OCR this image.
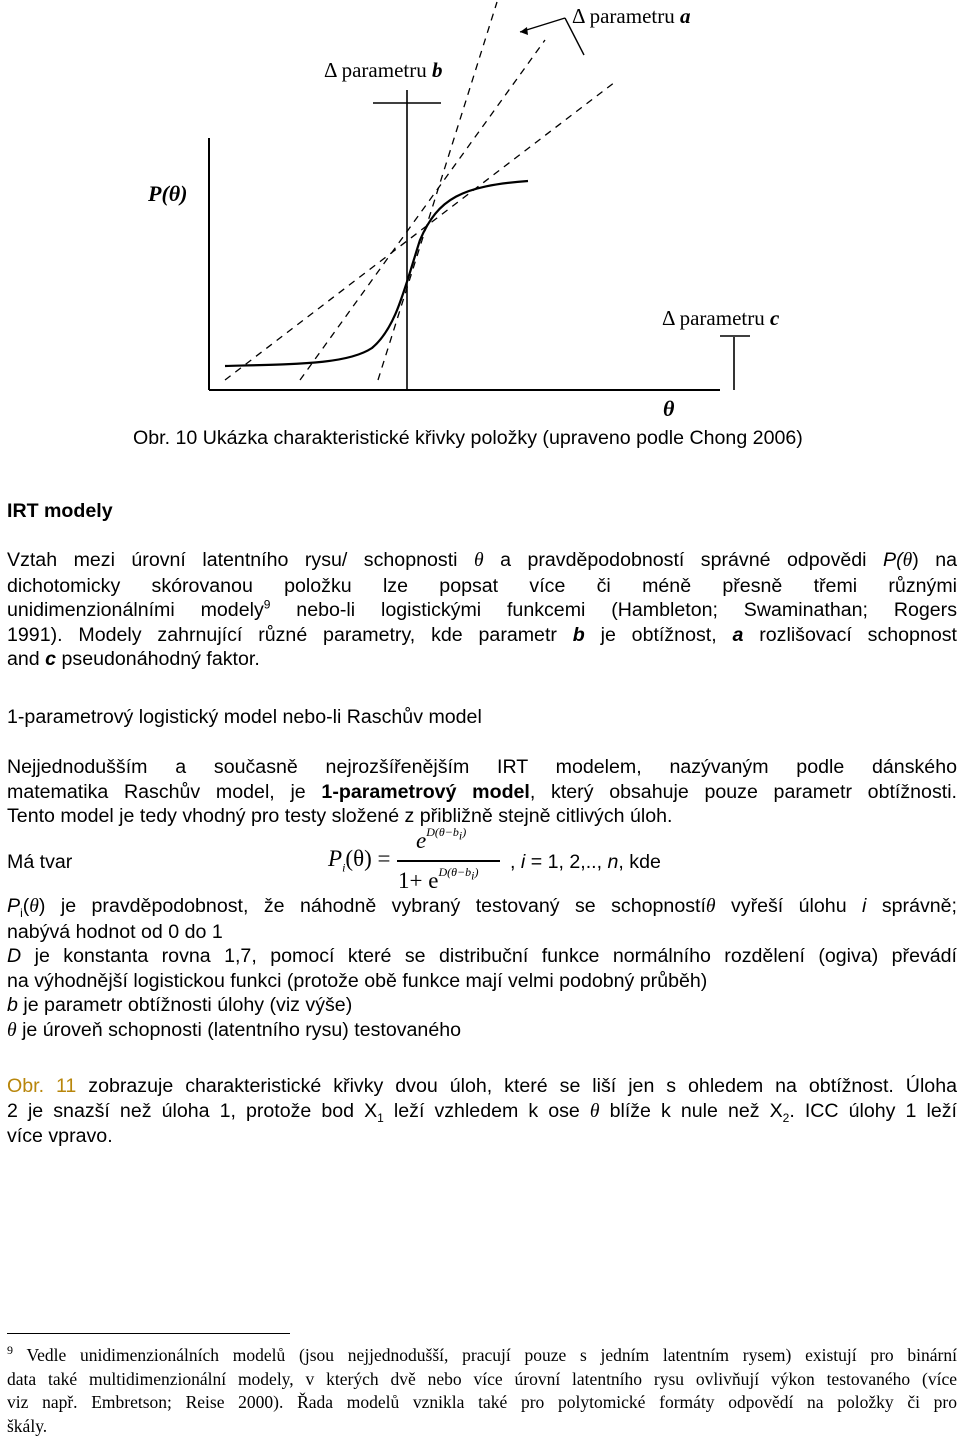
Δ parametru a
Δ parametru b
Δ parametru c
P(θ)
θ
Obr. 10 Ukázka charakteristické křivky položky (upraveno podle Chong 2006)
IRT modely
Vztah mezi úrovní latentního rysu/ schopnosti θ a pravděpodobností správné odpovědi P(θ) na
dichotomicky skórovanou položku lze popsat více či méně přesně třemi různými
unidimenzionálními modely$^9$ nebo-li logistickými funkcemi (Hambleton; Swaminathan; Rogers
1991). Modely zahrnující různé parametry, kde parametr b je obtížnost, a rozlišovací schopnost
and c pseudonáhodný faktor.
1-parametrový logistický model nebo-li Raschův model
Nejjednodušším a současně nejrozšířenějším IRT modelem, nazývaným podle dánského
matematika Raschův model, je 1-parametrový model, který obsahuje pouze parametr obtížnosti.
Tento model je tedy vhodný pro testy složené z přibližně stejně citlivých úloh.
Má tvar	$P_i(\theta)$ =
$e^{D(\theta-b_i)}$
$1+ e^{D(\theta-b_i)}$ , i = 1, 2,.., n, kde
$P_i(\theta)$ je pravděpodobnost, že náhodně vybraný testovaný se schopnostíθ vyřeší úlohu i správně;
nabývá hodnot od 0 do 1
D je konstanta rovna 1,7, pomocí které se distribuční funkce normálního rozdělení (ogiva) převádí
na výhodnější logistickou funkci (protože obě funkce mají velmi podobný průběh)
b je parametr obtížnosti úlohy (viz výše)
θ je úroveň schopnosti (latentního rysu) testovaného
Obr. 11 zobrazuje charakteristické křivky dvou úloh, které se liší jen s ohledem na obtížnost. Úloha
2 je snazší než úloha 1, protože bod $X_1$ leží vzhledem k ose θ blíže k nule než $X_2$. ICC úlohy 1 leží
více vpravo.
$^9$ Vedle unidimenzionálních modelů (jsou nejjednodušší, pracují pouze s jedním latentním rysem) existují pro binární
data také multidimenzionální modely, v kterých dvě nebo více úrovní latentního rysu ovlivňují výkon testovaného (více
viz např. Embretson; Reise 2000). Řada modelů vznikla také pro polytomické formáty odpovědí na položky či pro
škály.
